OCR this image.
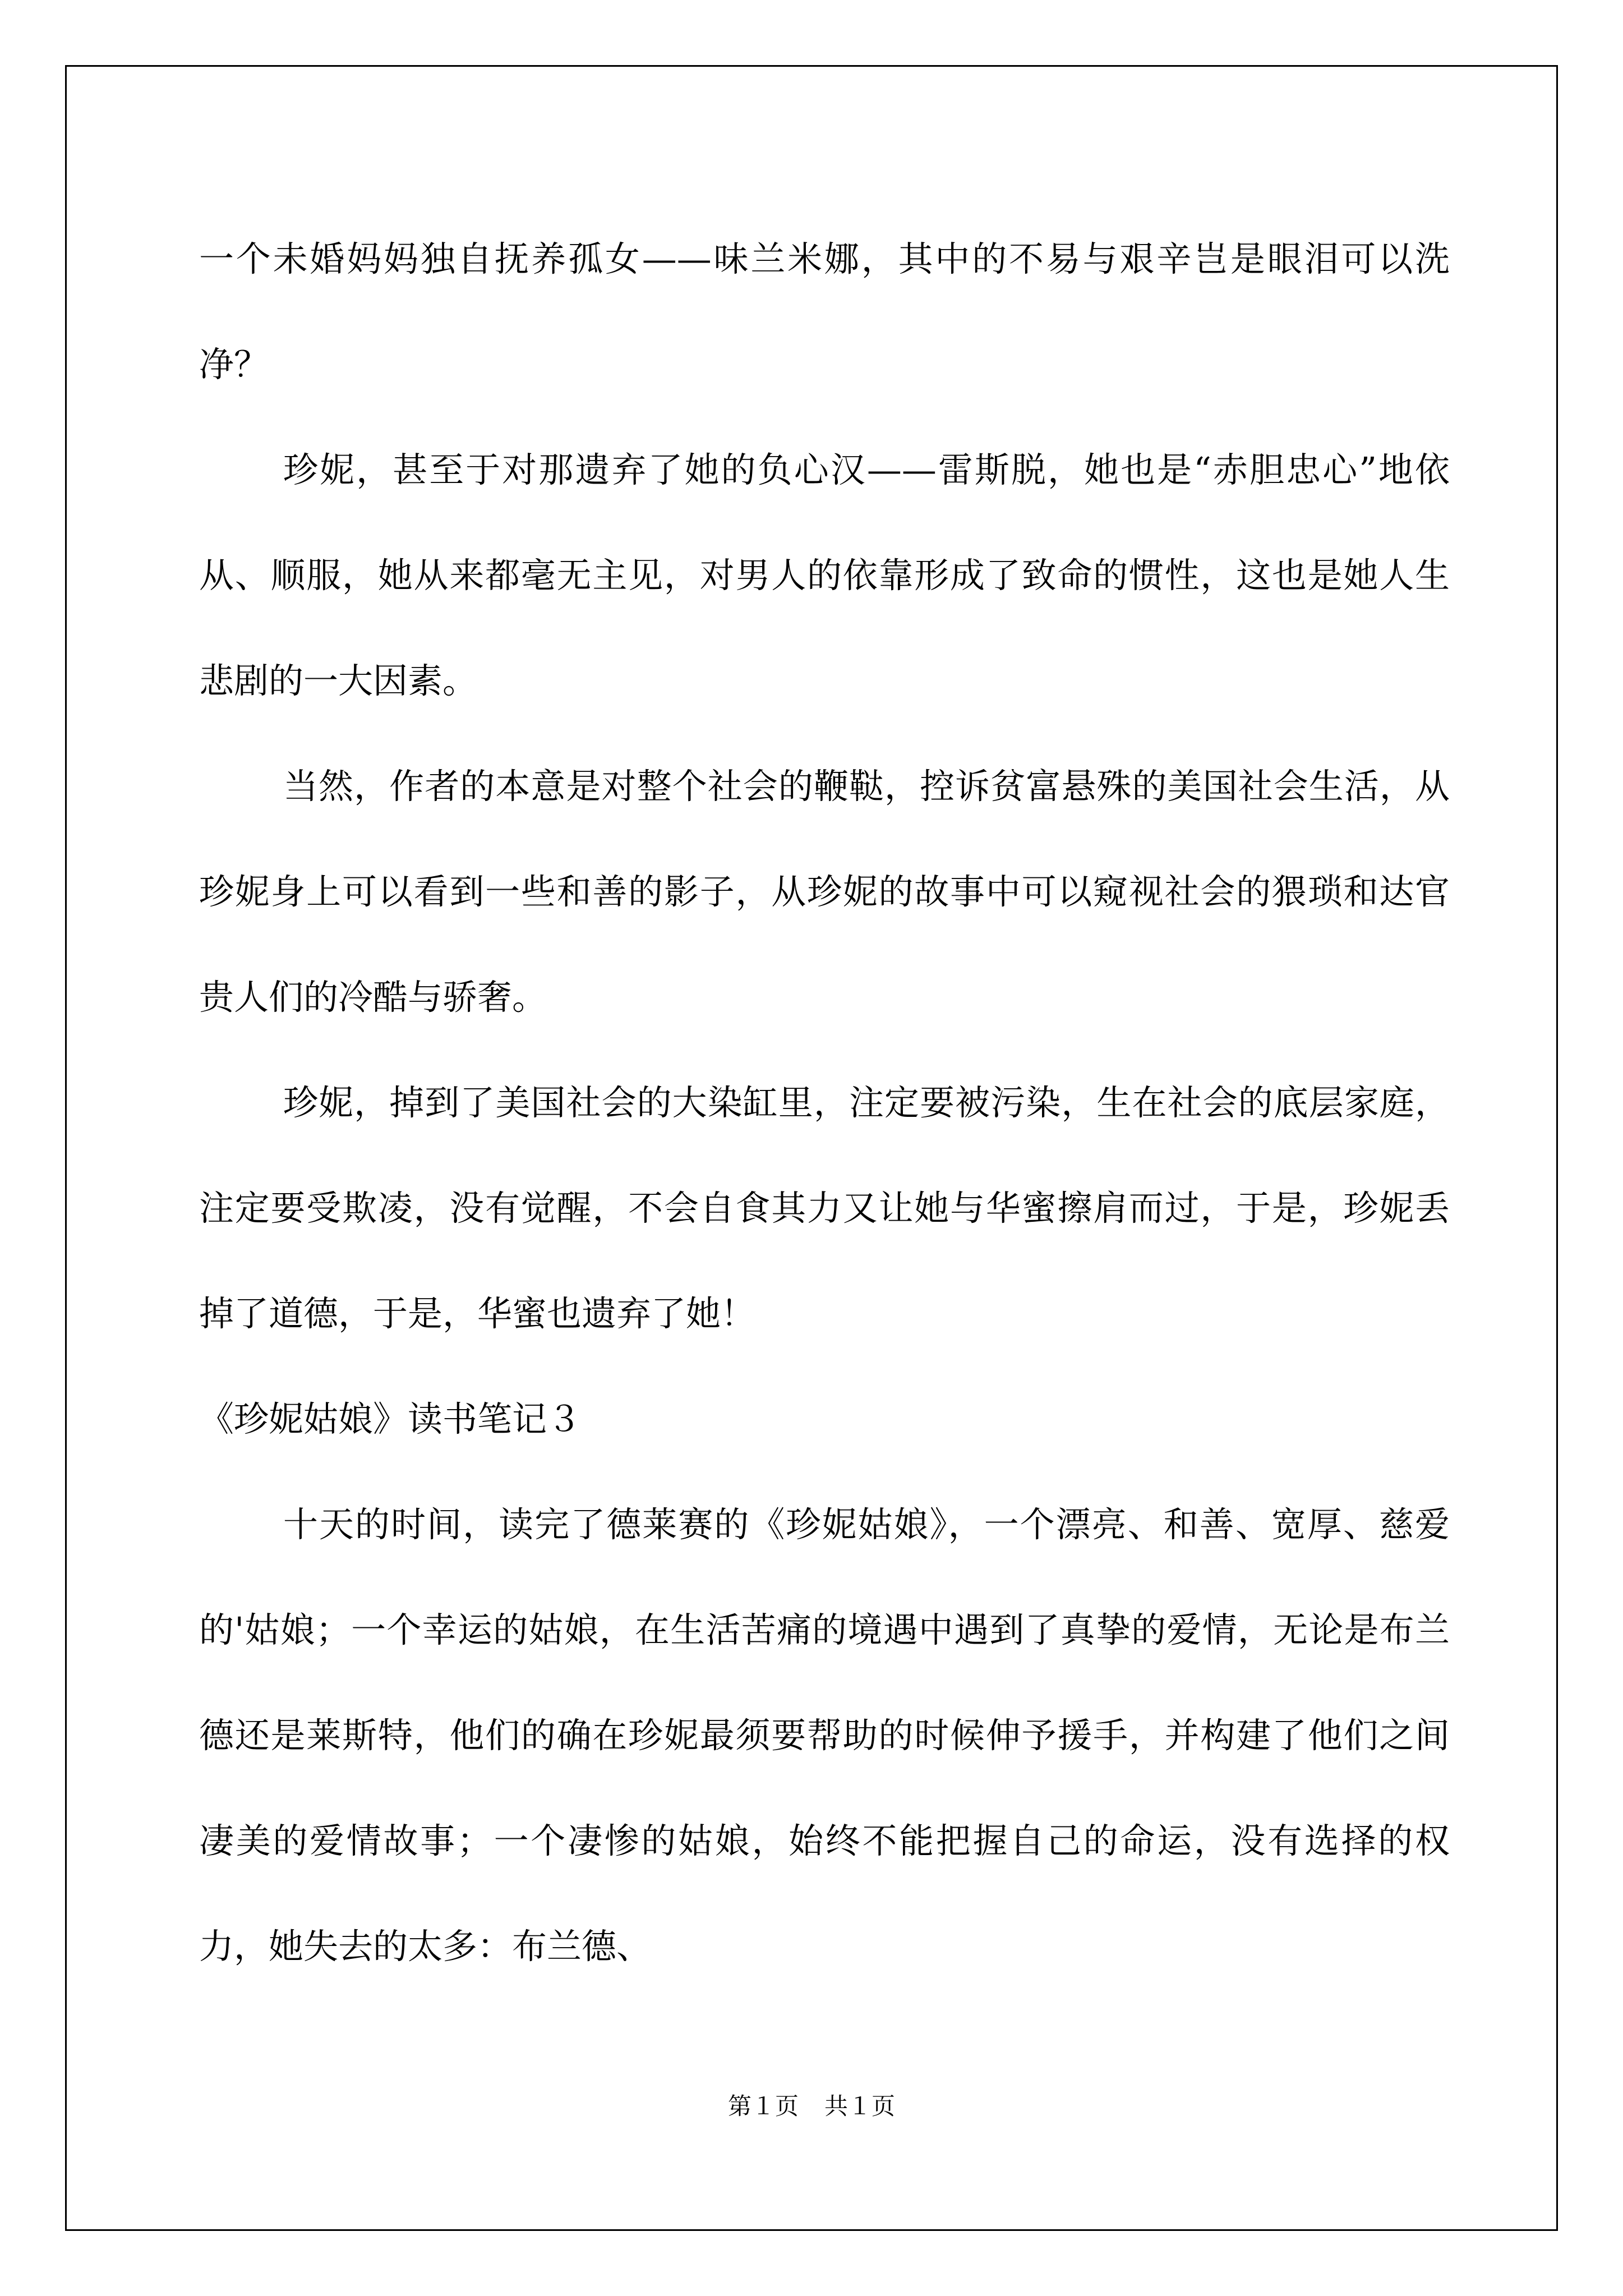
一个未婚妈妈独自抚养孤女——味兰米娜，其中的不易与艰辛岂是眼泪可以洗净？

珍妮，甚至于对那遗弃了她的负心汉——雷斯脱，她也是“赤胆忠心”地依从、顺服，她从来都毫无主见，对男人的依靠形成了致命的惯性，这也是她人生悲剧的一大因素。

当然，作者的本意是对整个社会的鞭鞑，控诉贫富悬殊的美国社会生活，从珍妮身上可以看到一些和善的影子，从珍妮的故事中可以窥视社会的猥琐和达官贵人们的冷酷与骄奢。

珍妮，掉到了美国社会的大染缸里，注定要被污染，生在社会的底层家庭，注定要受欺凌，没有觉醒，不会自食其力又让她与华蜜擦肩而过，于是，珍妮丢掉了道德，于是，华蜜也遗弃了她！

《珍妮姑娘》读书笔记３

十天的时间，读完了德莱赛的《珍妮姑娘》，一个漂亮、和善、宽厚、慈爱的'姑娘；一个幸运的姑娘，在生活苦痛的境遇中遇到了真挚的爱情，无论是布兰德还是莱斯特，他们的确在珍妮最须要帮助的时候伸予援手，并构建了他们之间凄美的爱情故事；一个凄惨的姑娘，始终不能把握自己的命运，没有选择的权力，她失去的太多：布兰德、

第１页 共１页
